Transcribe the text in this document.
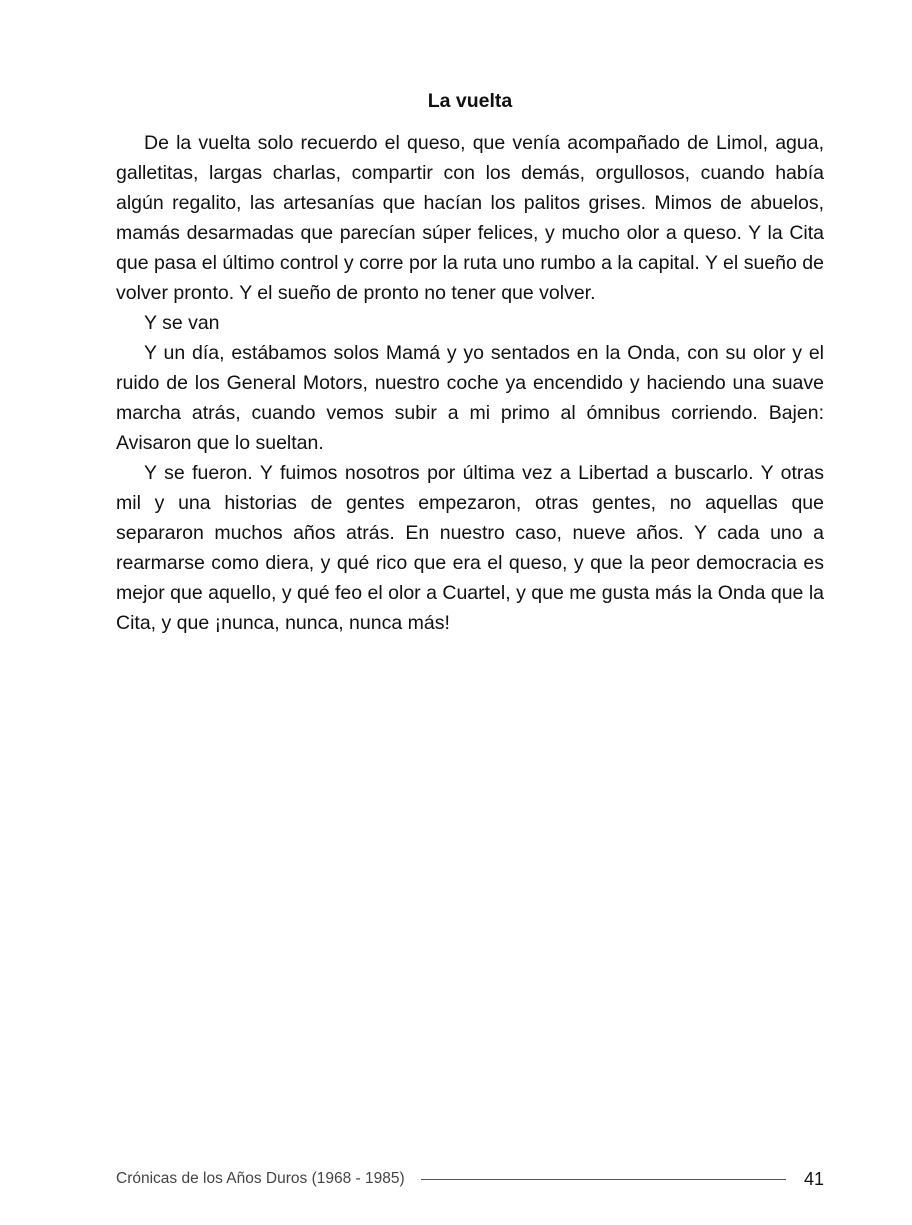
La vuelta

De la vuelta solo recuerdo el queso, que venía acompañado de Limol, agua, galletitas, largas charlas, compartir con los demás, orgullosos, cuando había algún regalito, las artesanías que hacían los palitos grises. Mimos de abuelos, mamás desarmadas que parecían súper felices, y mucho olor a queso. Y la Cita que pasa el último control y corre por la ruta uno rumbo a la capital. Y el sueño de volver pronto. Y el sueño de pronto no tener que volver.

Y se van

Y un día, estábamos solos Mamá y yo sentados en la Onda, con su olor y el ruido de los General Motors, nuestro coche ya encendido y haciendo una suave marcha atrás, cuando vemos subir a mi primo al ómnibus corriendo. Bajen: Avisaron que lo sueltan.

Y se fueron. Y fuimos nosotros por última vez a Libertad a buscarlo. Y otras mil y una historias de gentes empezaron, otras gentes, no aquellas que separaron muchos años atrás. En nuestro caso, nueve años. Y cada uno a rearmarse como diera, y qué rico que era el queso, y que la peor democracia es mejor que aquello, y qué feo el olor a Cuartel, y que me gusta más la Onda que la Cita, y que ¡nunca, nunca, nunca más!

Crónicas de los Años Duros (1968 - 1985)	41
